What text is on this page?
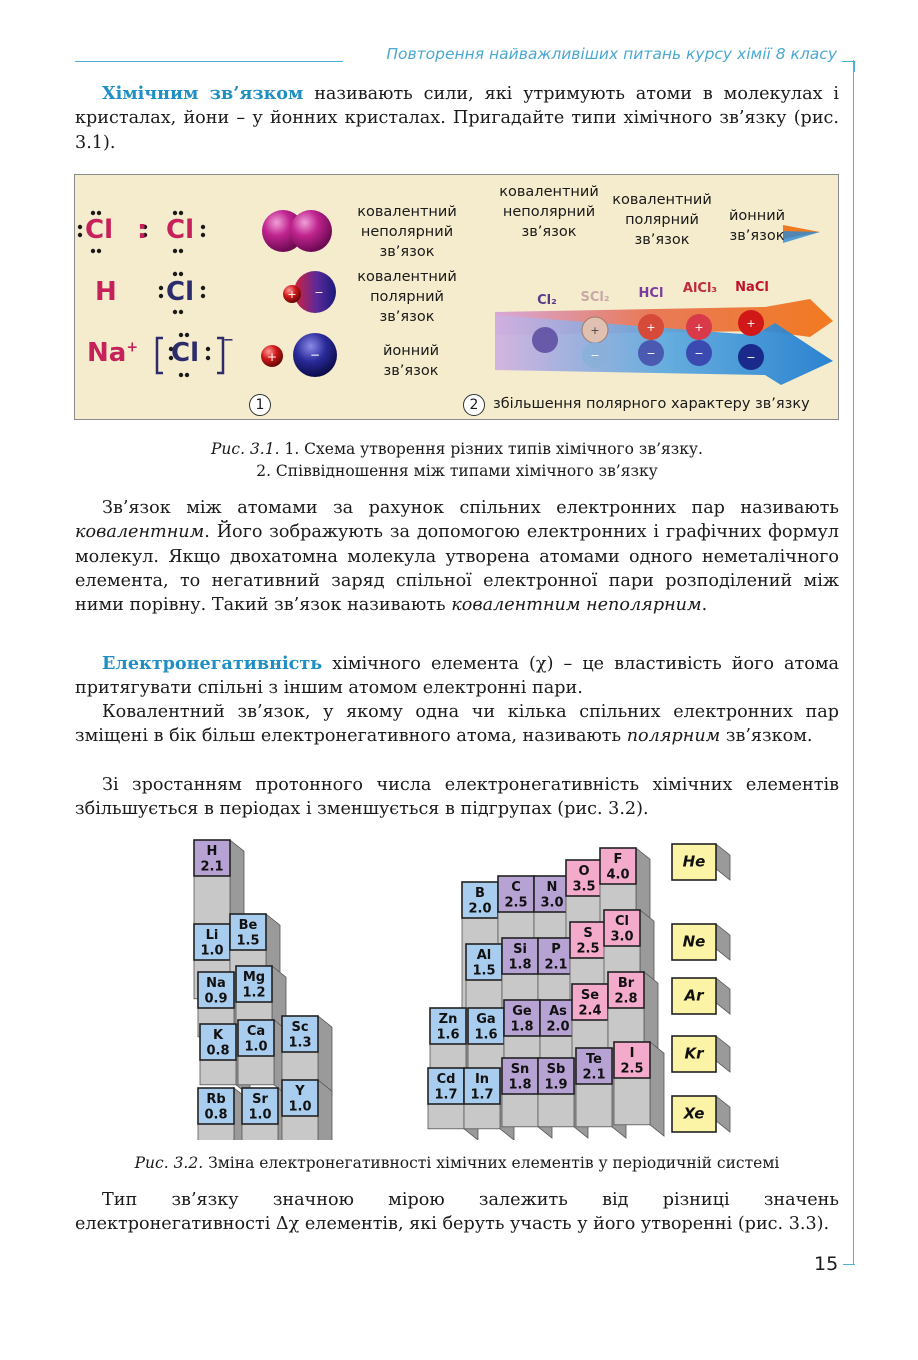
Повторення найважливіших питань курсу хімії 8 класу
Хімічним зв’язком називають сили, які утримують атоми в молекулах і кристалах, йони – у йонних кристалах. Пригадайте типи хімічного зв’язку (рис. 3.1).
+ −
+	−
+
−
+
−
+
−
+
−
Cl : Cl
H Cl
Na+ Cl −
ковалентний неполярний зв’язок
ковалентний полярний зв’язок
йонний зв’язок
1
ковалентний неполярний зв’язок
ковалентний полярний зв’язок
йонний зв’язок
Cl₂	SCl₂	HCl	AlCl₃	NaCl
2	збільшення полярного характеру зв’язку
Рис. 3.1. 1. Схема утворення різних типів хімічного зв’язку.
2. Співвідношення між типами хімічного зв’язку
Зв’язок між атомами за рахунок спільних електронних пар називають ковалентним. Його зображують за допомогою електронних і графічних формул молекул. Якщо двохатомна молекула утворена атомами одного неметалічного елемента, то негативний заряд спільної електронної пари розподілений між ними порівну. Такий зв’язок називають ковалентним неполярним.
Електронегативність хімічного елемента (χ) – це властивість його атома притягувати спільні з іншим атомом електронні пари.
Ковалентний зв’язок, у якому одна чи кілька спільних електронних пар зміщені в бік більш електронегативного атома, називають полярним зв’язком.
Зі зростанням протонного числа електронегативність хімічних елементів збільшується в періодах і зменшується в підгрупах (рис. 3.2).
H
2.1
Li
1.0
Be
1.5
Na
0.9
Mg
1.2
K
0.8
Ca
1.0
Sc
1.3
Rb
0.8
Sr
1.0
Y
1.0
B
2.0
C
2.5
N
3.0
O
3.5
F
4.0
Al
1.5
Si
1.8
P
2.1
S
2.5
Cl
3.0
Zn
1.6
Ga
1.6
Ge
1.8
As
2.0
Se
2.4
Br
2.8
Cd
1.7
In
1.7
Sn
1.8
Sb
1.9
Te
2.1
I
2.5
He
Ne
Ar
Kr
Xe
Рис. 3.2. Зміна електронегативності хімічних елементів у періодичній системі
Тип зв’язку значною мірою залежить від різниці значень електронегативності Δχ елементів, які беруть участь у його утворенні (рис. 3.3).
15
